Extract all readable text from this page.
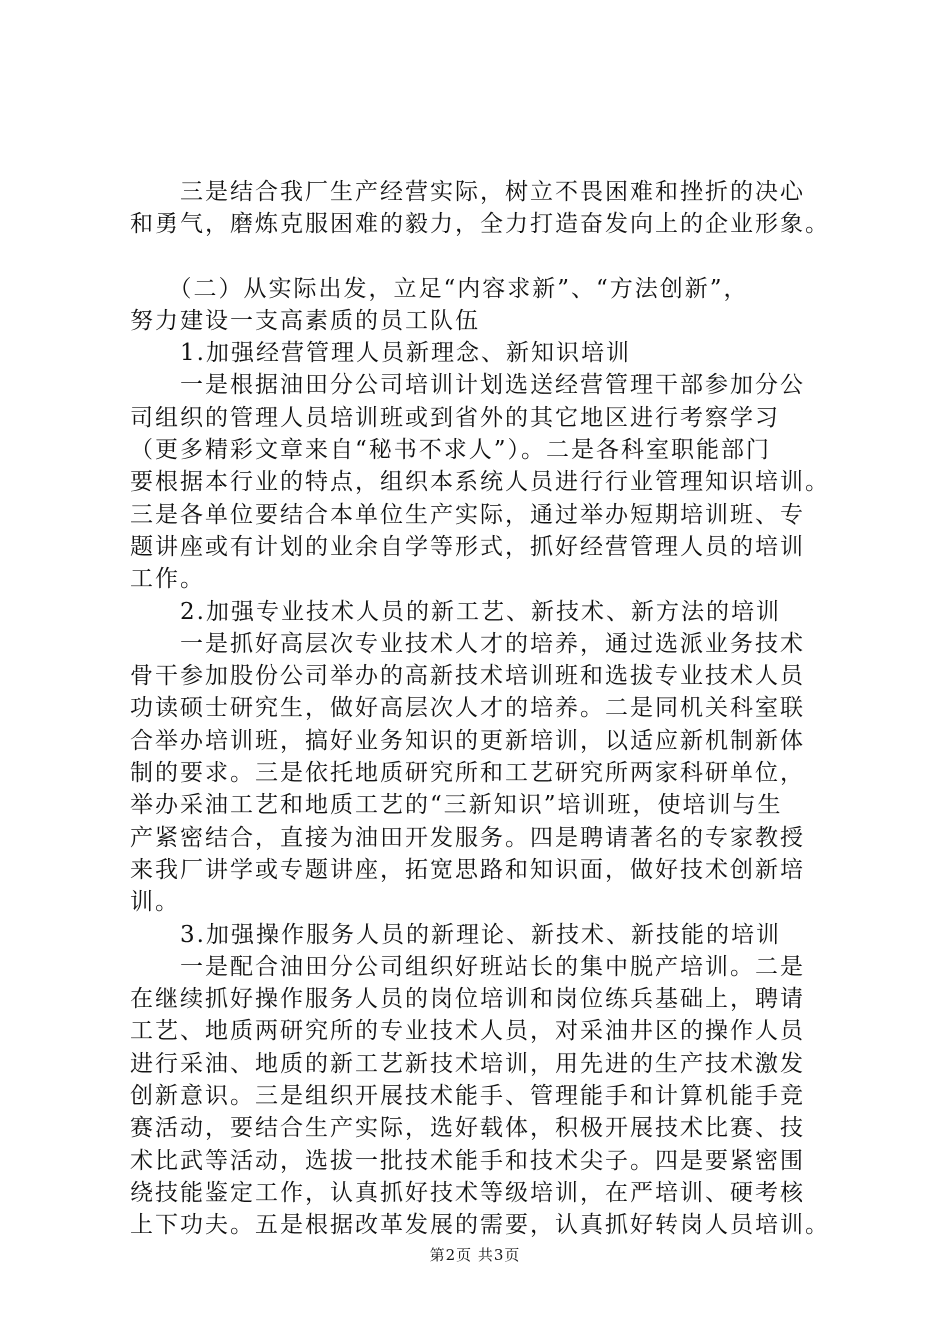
　　三是结合我厂生产经营实际，树立不畏困难和挫折的决心
和勇气，磨炼克服困难的毅力，全力打造奋发向上的企业形象。

　　（二）从实际出发，立足“内容求新”、“方法创新”，
努力建设一支高素质的员工队伍

　　1.加强经营管理人员新理念、新知识培训

　　一是根据油田分公司培训计划选送经营管理干部参加分公
司组织的管理人员培训班或到省外的其它地区进行考察学习
（更多精彩文章来自“秘书不求人”）。二是各科室职能部门
要根据本行业的特点，组织本系统人员进行行业管理知识培训。
三是各单位要结合本单位生产实际，通过举办短期培训班、专
题讲座或有计划的业余自学等形式，抓好经营管理人员的培训
工作。

　　2.加强专业技术人员的新工艺、新技术、新方法的培训

　　一是抓好高层次专业技术人才的培养，通过选派业务技术
骨干参加股份公司举办的高新技术培训班和选拔专业技术人员
功读硕士研究生，做好高层次人才的培养。二是同机关科室联
合举办培训班，搞好业务知识的更新培训，以适应新机制新体
制的要求。三是依托地质研究所和工艺研究所两家科研单位，
举办采油工艺和地质工艺的“三新知识”培训班，使培训与生
产紧密结合，直接为油田开发服务。四是聘请著名的专家教授
来我厂讲学或专题讲座，拓宽思路和知识面，做好技术创新培
训。

　　3.加强操作服务人员的新理论、新技术、新技能的培训

　　一是配合油田分公司组织好班站长的集中脱产培训。二是
在继续抓好操作服务人员的岗位培训和岗位练兵基础上，聘请
工艺、地质两研究所的专业技术人员，对采油井区的操作人员
进行采油、地质的新工艺新技术培训，用先进的生产技术激发
创新意识。三是组织开展技术能手、管理能手和计算机能手竞
赛活动，要结合生产实际，选好载体，积极开展技术比赛、技
术比武等活动，选拔一批技术能手和技术尖子。四是要紧密围
绕技能鉴定工作，认真抓好技术等级培训，在严培训、硬考核
上下功夫。五是根据改革发展的需要，认真抓好转岗人员培训。

第2页 共3页
